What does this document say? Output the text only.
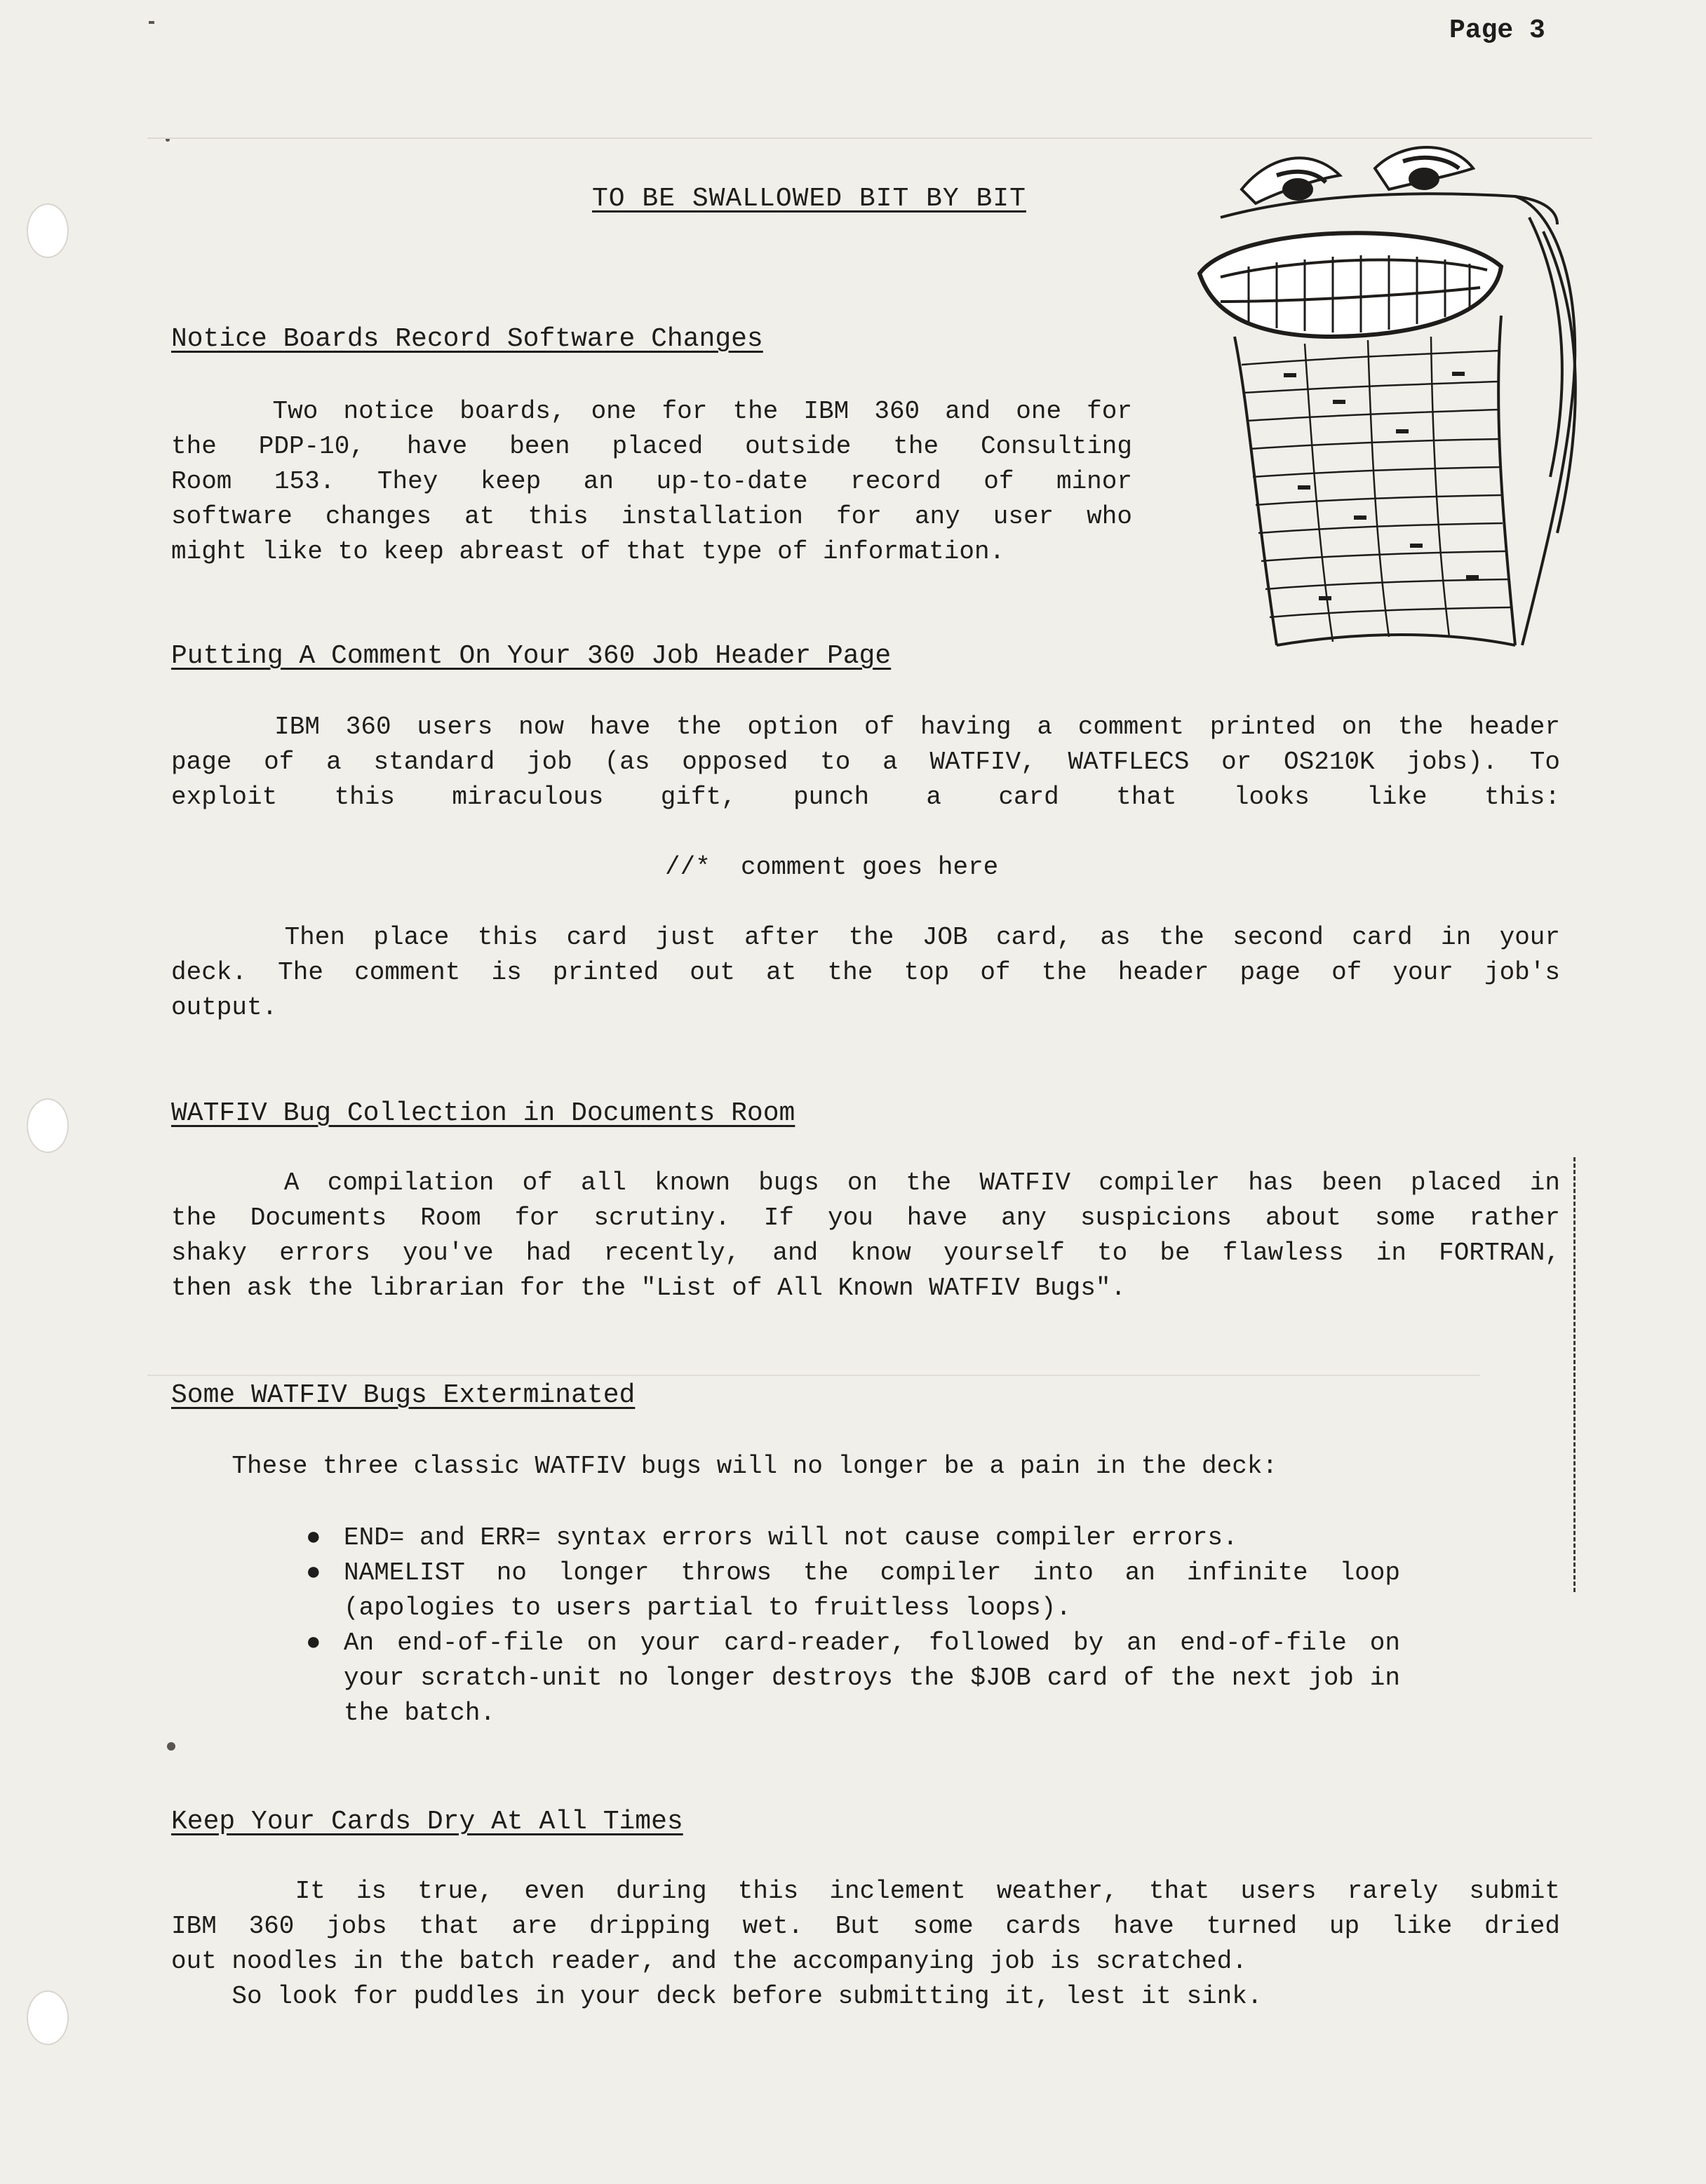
Page 3
TO BE SWALLOWED BIT BY BIT
Notice Boards Record Software Changes

Two notice boards, one for the IBM 360 and one for

the PDP-10, have been placed outside the Consulting

Room 153. They keep an up-to-date record of minor

software changes at this installation for any user who

might like to keep abreast of that type of information.

Putting A Comment On Your 360 Job Header Page

IBM 360 users now have the option of having a comment printed on the header

page of a standard job (as opposed to a WATFIV, WATFLECS or OS210K jobs). To

exploit this miraculous gift, punch a card that looks like this:

//*  comment goes here

Then place this card just after the JOB card, as the second card in your

deck. The comment is printed out at the top of the header page of your job's

output.

WATFIV Bug Collection in Documents Room

A compilation of all known bugs on the WATFIV compiler has been placed in

the Documents Room for scrutiny. If you have any suspicions about some rather

shaky errors you've had recently, and know yourself to be flawless in FORTRAN,

then ask the librarian for the "List of All Known WATFIV Bugs".

Some WATFIV Bugs Exterminated

These three classic WATFIV bugs will no longer be a pain in the deck:

● END= and ERR= syntax errors will not cause compiler errors.
● NAMELIST no longer throws the compiler into an infinite loop (apologies to users partial to fruitless loops).
● An end-of-file on your card-reader, followed by an end-of-file on your scratch-unit no longer destroys the $JOB card of the next job in the batch.
Keep Your Cards Dry At All Times

It is true, even during this inclement weather, that users rarely submit

IBM 360 jobs that are dripping wet. But some cards have turned up like dried

out noodles in the batch reader, and the accompanying job is scratched.

So look for puddles in your deck before submitting it, lest it sink.
